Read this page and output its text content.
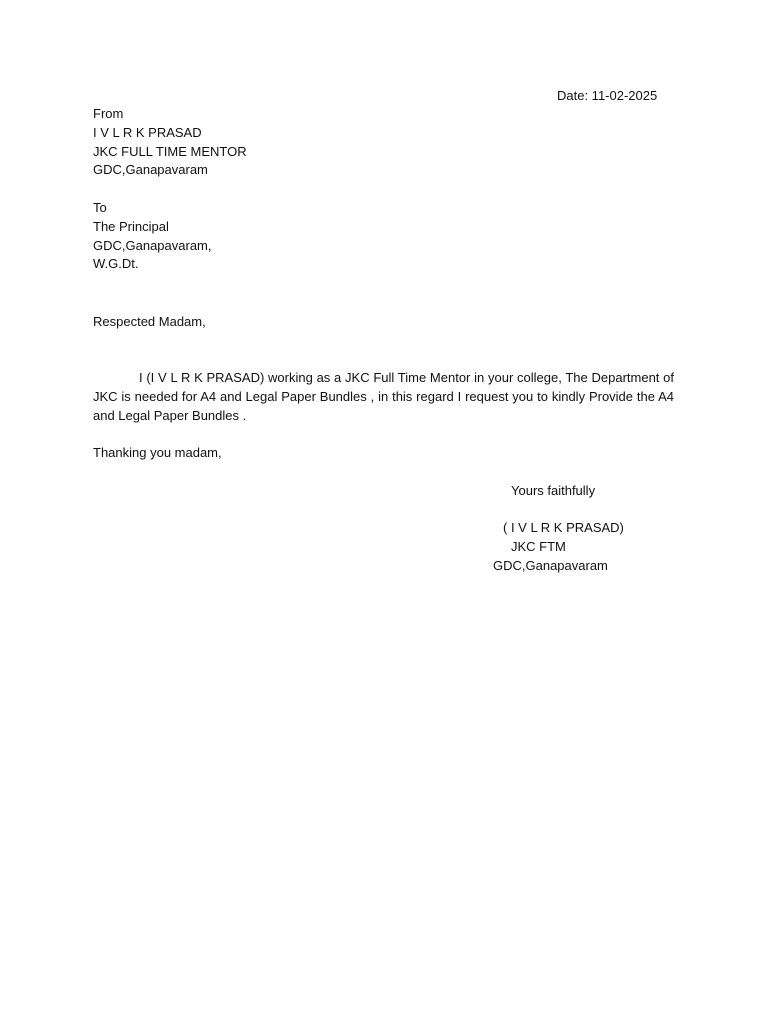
Date: 11-02-2025
From
I V L R K PRASAD
JKC FULL TIME MENTOR
GDC,Ganapavaram
To
The Principal
GDC,Ganapavaram,
W.G.Dt.
Respected Madam,
I (I V L R K PRASAD) working as a JKC Full Time Mentor in your college, The Department of JKC is needed for A4 and Legal Paper Bundles , in this regard I request you to kindly Provide the A4 and Legal Paper Bundles .
Thanking you madam,
Yours faithfully
( I V L R K PRASAD)
JKC FTM
GDC,Ganapavaram
